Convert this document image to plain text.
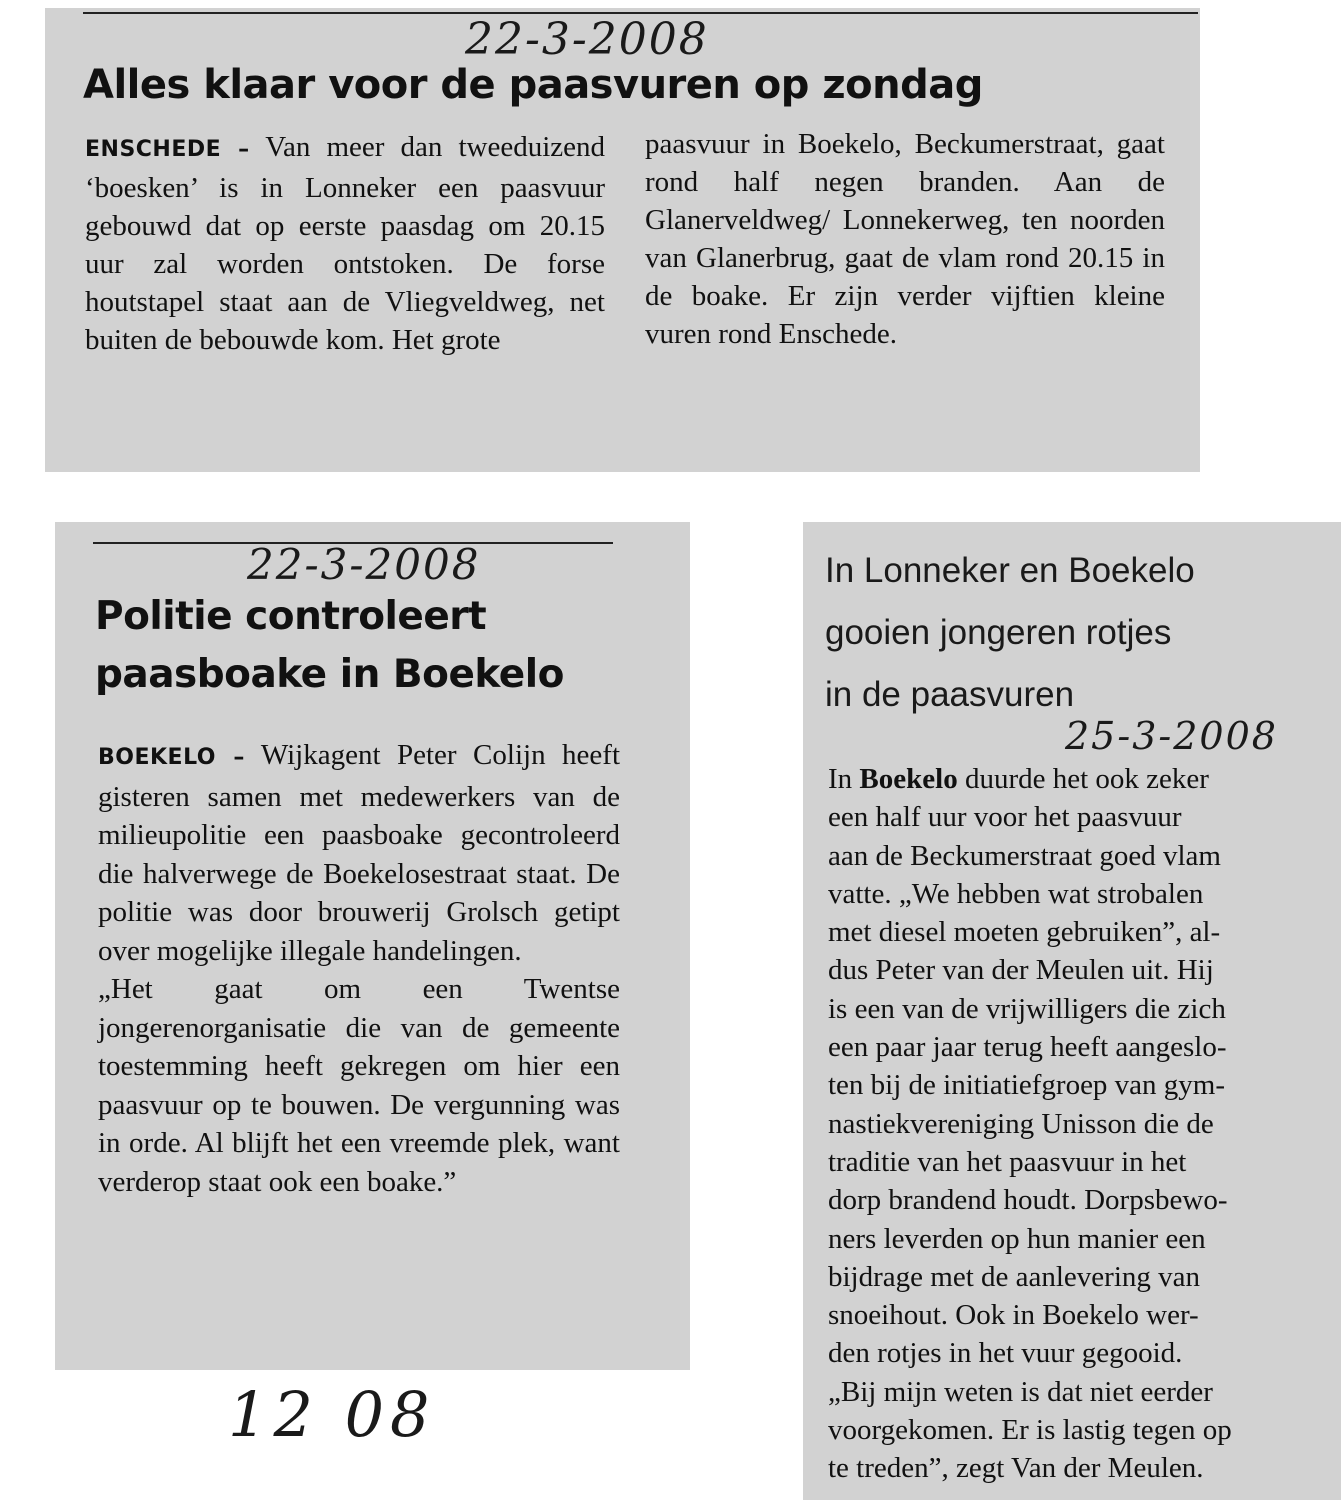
22-3-2008
Alles klaar voor de paasvuren op zondag

ENSCHEDE – Van meer dan tweeduizend ‘boesken’ is in Lonneker een paasvuur gebouwd dat op eerste paasdag om 20.15 uur zal worden ontstoken. De forse houtstapel staat aan de Vliegveldweg, net buiten de bebouwde kom. Het grote

paasvuur in Boekelo, Beckumerstraat, gaat rond half negen branden. Aan de Glanerveldweg/ Lonnekerweg, ten noorden van Glanerbrug, gaat de vlam rond 20.15 in de boake. Er zijn verder vijftien kleine vuren rond Enschede.

22-3-2008
Politie controleert
paasboake in Boekelo

BOEKELO – Wijkagent Peter Colijn heeft gisteren samen met medewerkers van de milieupolitie een paasboake gecontroleerd die halverwege de Boekelosestraat staat. De politie was door brouwerij Grolsch getipt over mogelijke illegale handelingen.

„Het gaat om een Twentse jongerenorganisatie die van de gemeente toestemming heeft gekregen om hier een paasvuur op te bouwen. De vergunning was in orde. Al blijft het een vreemde plek, want verderop staat ook een boake.”

In Lonneker en Boekelo
gooien jongeren rotjes
in de paasvuren
25-3-2008
In Boekelo duurde het ook zeker
een half uur voor het paasvuur
aan de Beckumerstraat goed vlam
vatte. „We hebben wat strobalen
met diesel moeten gebruiken”, al-
dus Peter van der Meulen uit. Hij
is een van de vrijwilligers die zich
een paar jaar terug heeft aangeslo-
ten bij de initiatiefgroep van gym-
nastiekvereniging Unisson die de
traditie van het paasvuur in het
dorp brandend houdt. Dorpsbewo-
ners leverden op hun manier een
bijdrage met de aanlevering van
snoeihout. Ook in Boekelo wer-
den rotjes in het vuur gegooid.
„Bij mijn weten is dat niet eerder
voorgekomen. Er is lastig tegen op
te treden”, zegt Van der Meulen.
12 08
